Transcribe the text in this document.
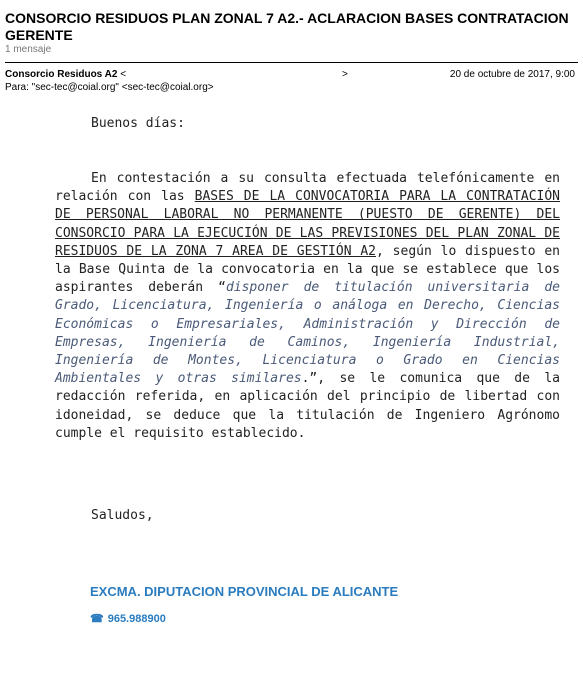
CONSORCIO RESIDUOS PLAN ZONAL 7 A2.- ACLARACION BASES CONTRATACION GERENTE
1 mensaje
Consorcio Residuos A2 <	>	20 de octubre de 2017, 9:00
Para: "sec-tec@coial.org" <sec-tec@coial.org>
Buenos días:
En contestación a su consulta efectuada telefónicamente en relación con las BASES DE LA CONVOCATORIA PARA LA CONTRATACIÓN DE PERSONAL LABORAL NO PERMANENTE (PUESTO DE GERENTE) DEL CONSORCIO PARA LA EJECUCIÓN DE LAS PREVISIONES DEL PLAN ZONAL DE RESIDUOS DE LA ZONA 7 AREA DE GESTIÓN A2, según lo dispuesto en la Base Quinta de la convocatoria en la que se establece que los aspirantes deberán “disponer de titulación universitaria de Grado, Licenciatura, Ingeniería o análoga en Derecho, Ciencias Económicas o Empresariales, Administración y Dirección de Empresas, Ingeniería de Caminos, Ingeniería Industrial, Ingeniería de Montes, Licenciatura o Grado en Ciencias Ambientales y otras similares.”, se le comunica que de la redacción referida, en aplicación del principio de libertad con idoneidad, se deduce que la titulación de Ingeniero Agrónomo cumple el requisito establecido.
Saludos,
EXCMA. DIPUTACION PROVINCIAL DE ALICANTE
☎ 965.988900
